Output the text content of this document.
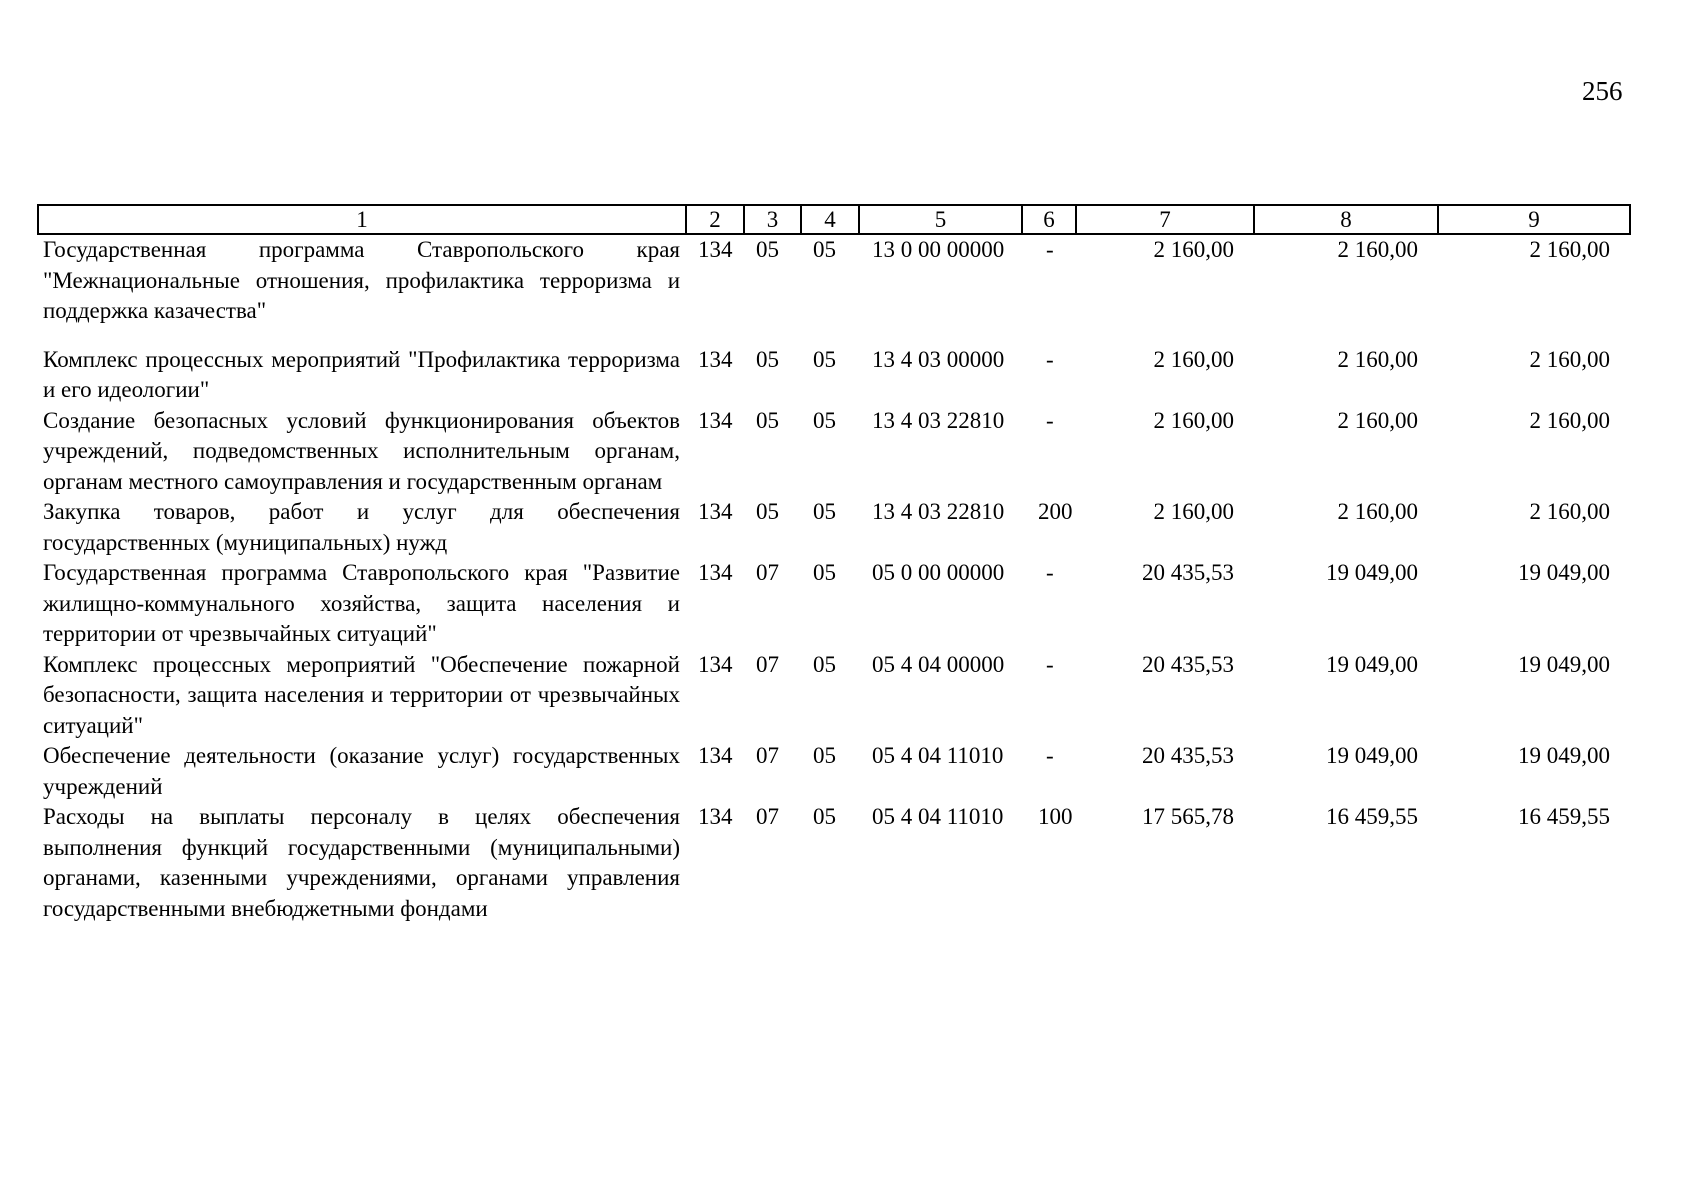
256
1	2	3	4	5	6	7	8	9
Государственная программа Ставропольского края "Межнациональные отношения, профилактика терроризма и поддержка казачества"	134	05	05	13 0 00 00000	-	2 160,00	2 160,00	2 160,00
Комплекс процессных мероприятий "Профилактика терроризма и его идеологии"	134	05	05	13 4 03 00000	-	2 160,00	2 160,00	2 160,00
Создание безопасных условий функционирования объектов учреждений, подведомственных исполнительным органам, органам местного самоуправления и государственным органам	134	05	05	13 4 03 22810	-	2 160,00	2 160,00	2 160,00
Закупка товаров, работ и услуг для обеспечения государственных (муниципальных) нужд	134	05	05	13 4 03 22810	200	2 160,00	2 160,00	2 160,00
Государственная программа Ставропольского края "Развитие жилищно-коммунального хозяйства, защита населения и территории от чрезвычайных ситуаций"	134	07	05	05 0 00 00000	-	20 435,53	19 049,00	19 049,00
Комплекс процессных мероприятий "Обеспечение пожарной безопасности, защита населения и территории от чрезвычайных ситуаций"	134	07	05	05 4 04 00000	-	20 435,53	19 049,00	19 049,00
Обеспечение деятельности (оказание услуг) государственных учреждений	134	07	05	05 4 04 11010	-	20 435,53	19 049,00	19 049,00
Расходы на выплаты персоналу в целях обеспечения выполнения функций государственными (муниципальными) органами, казенными учреждениями, органами управления государственными внебюджетными фондами	134	07	05	05 4 04 11010	100	17 565,78	16 459,55	16 459,55
